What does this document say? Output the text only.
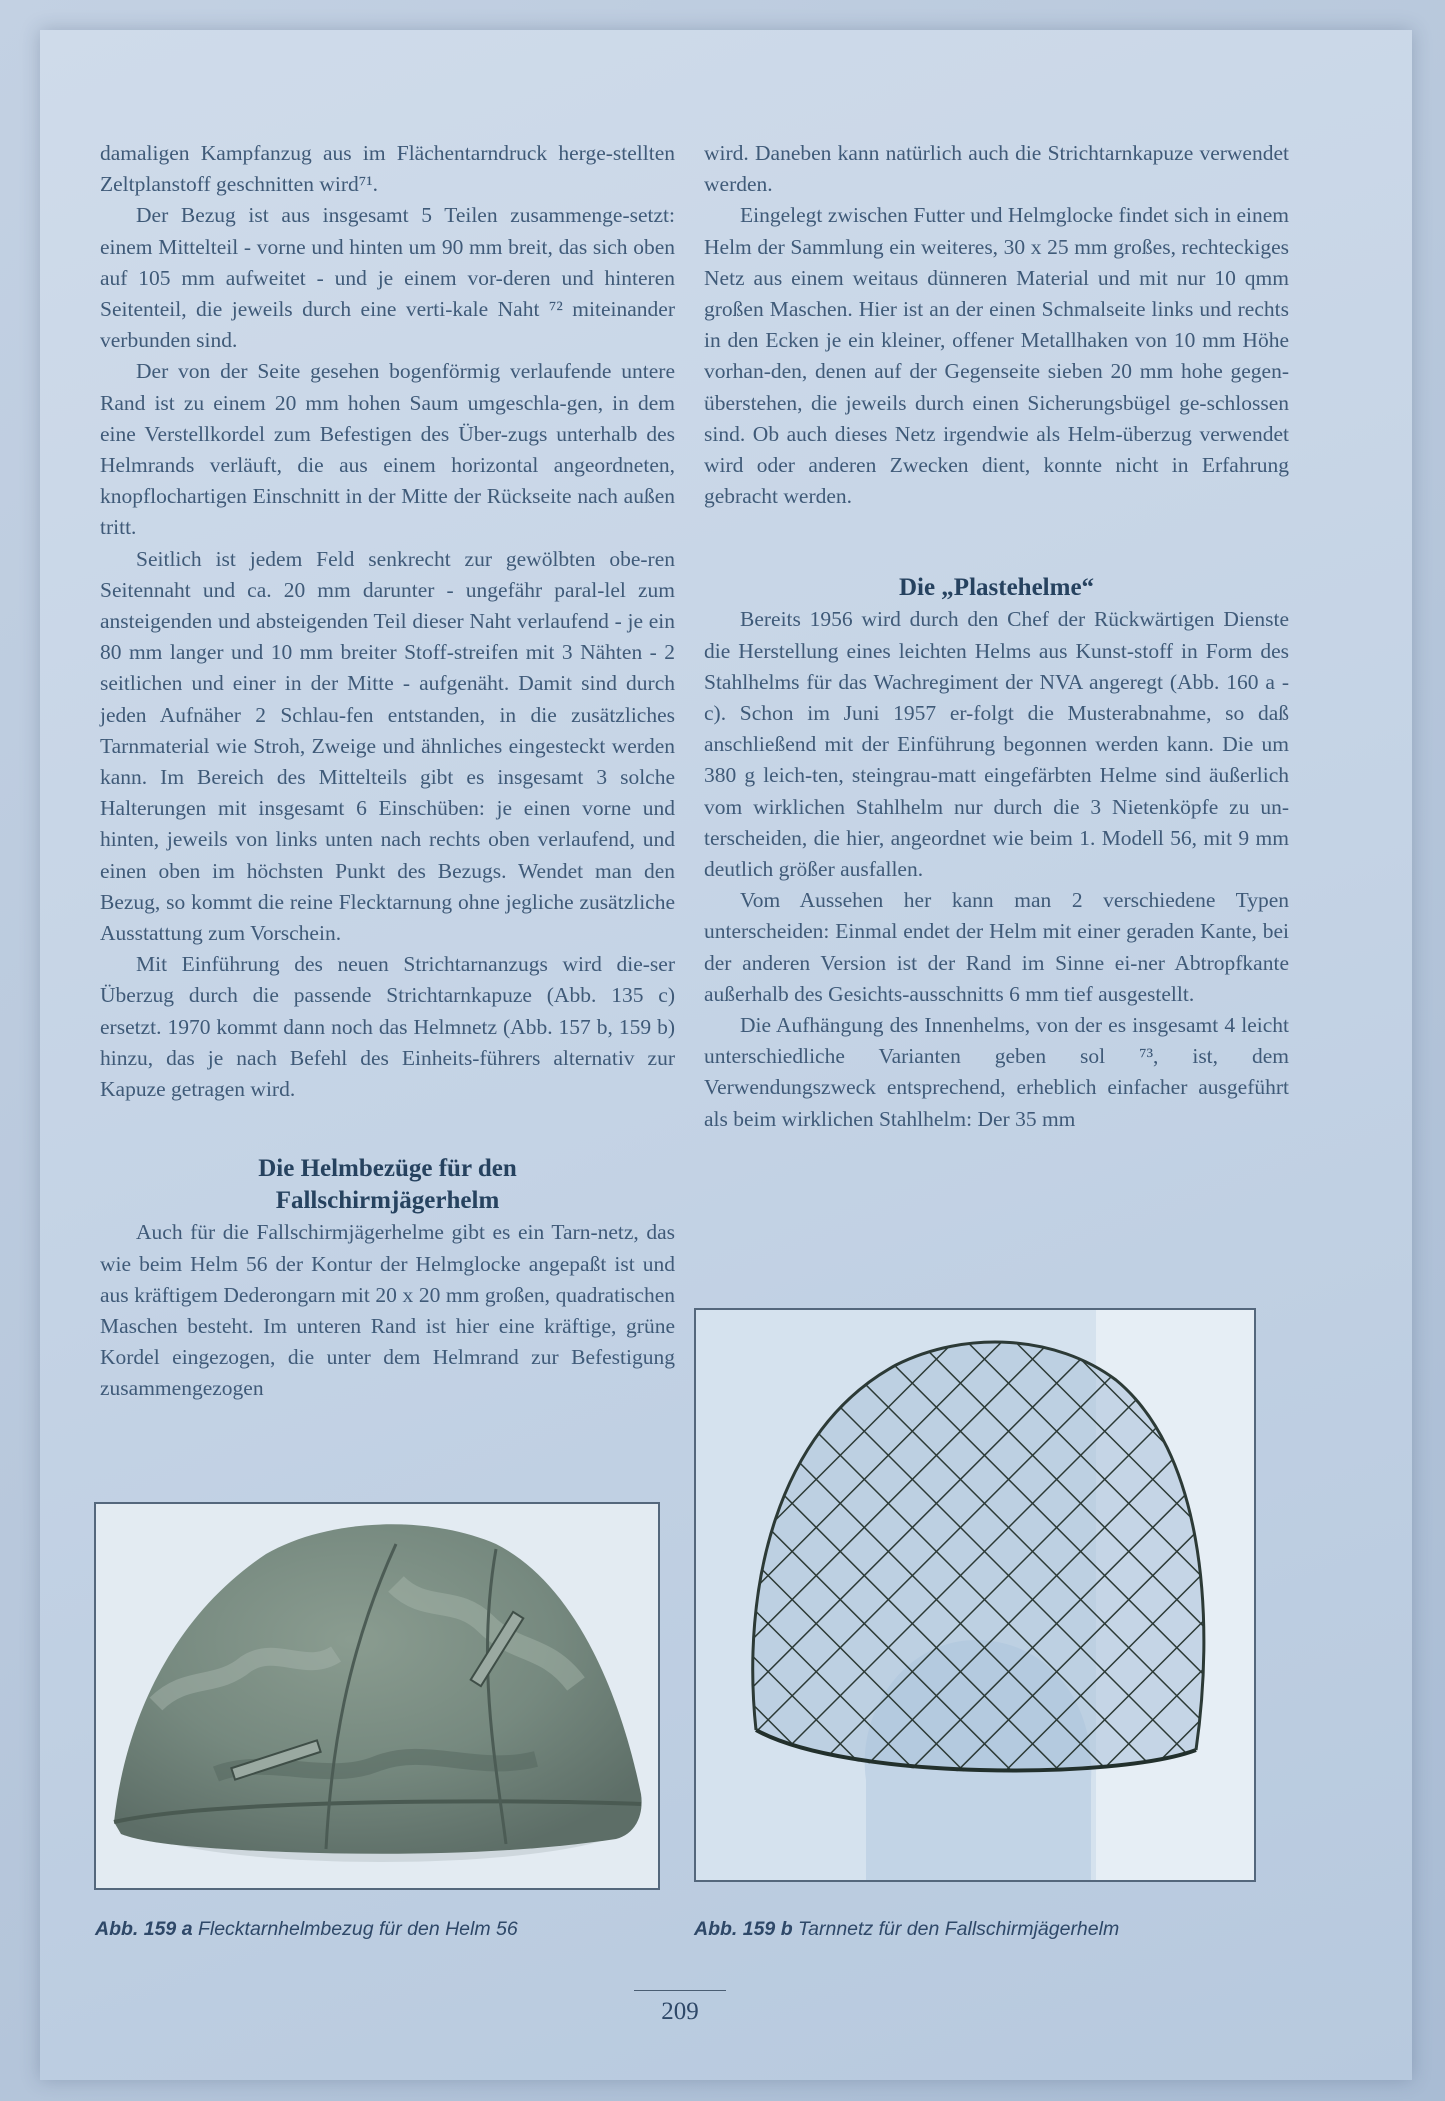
damaligen Kampfanzug aus im Flächentarndruck herge-stellten Zeltplanstoff geschnitten wird⁷¹.

Der Bezug ist aus insgesamt 5 Teilen zusammenge-setzt: einem Mittelteil - vorne und hinten um 90 mm breit, das sich oben auf 105 mm aufweitet - und je einem vor-deren und hinteren Seitenteil, die jeweils durch eine verti-kale Naht ⁷² miteinander verbunden sind.

Der von der Seite gesehen bogenförmig verlaufende untere Rand ist zu einem 20 mm hohen Saum umgeschla-gen, in dem eine Verstellkordel zum Befestigen des Über-zugs unterhalb des Helmrands verläuft, die aus einem horizontal angeordneten, knopflochartigen Einschnitt in der Mitte der Rückseite nach außen tritt.

Seitlich ist jedem Feld senkrecht zur gewölbten obe-ren Seitennaht und ca. 20 mm darunter - ungefähr paral-lel zum ansteigenden und absteigenden Teil dieser Naht verlaufend - je ein 80 mm langer und 10 mm breiter Stoff-streifen mit 3 Nähten - 2 seitlichen und einer in der Mitte - aufgenäht. Damit sind durch jeden Aufnäher 2 Schlau-fen entstanden, in die zusätzliches Tarnmaterial wie Stroh, Zweige und ähnliches eingesteckt werden kann. Im Bereich des Mittelteils gibt es insgesamt 3 solche Halterungen mit insgesamt 6 Einschüben: je einen vorne und hinten, jeweils von links unten nach rechts oben verlaufend, und einen oben im höchsten Punkt des Bezugs. Wendet man den Bezug, so kommt die reine Flecktarnung ohne jegliche zusätzliche Ausstattung zum Vorschein.

Mit Einführung des neuen Strichtarnanzugs wird die-ser Überzug durch die passende Strichtarnkapuze (Abb. 135 c) ersetzt. 1970 kommt dann noch das Helmnetz (Abb. 157 b, 159 b) hinzu, das je nach Befehl des Einheits-führers alternativ zur Kapuze getragen wird.

Die Helmbezüge für den
Fallschirmjägerhelm

Auch für die Fallschirmjägerhelme gibt es ein Tarn-netz, das wie beim Helm 56 der Kontur der Helmglocke angepaßt ist und aus kräftigem Dederongarn mit 20 x 20 mm großen, quadratischen Maschen besteht. Im unteren Rand ist hier eine kräftige, grüne Kordel eingezogen, die unter dem Helmrand zur Befestigung zusammengezogen

wird. Daneben kann natürlich auch die Strichtarnkapuze verwendet werden.

Eingelegt zwischen Futter und Helmglocke findet sich in einem Helm der Sammlung ein weiteres, 30 x 25 mm großes, rechteckiges Netz aus einem weitaus dünneren Material und mit nur 10 qmm großen Maschen. Hier ist an der einen Schmalseite links und rechts in den Ecken je ein kleiner, offener Metallhaken von 10 mm Höhe vorhan-den, denen auf der Gegenseite sieben 20 mm hohe gegen-überstehen, die jeweils durch einen Sicherungsbügel ge-schlossen sind. Ob auch dieses Netz irgendwie als Helm-überzug verwendet wird oder anderen Zwecken dient, konnte nicht in Erfahrung gebracht werden.

Die „Plastehelme“

Bereits 1956 wird durch den Chef der Rückwärtigen Dienste die Herstellung eines leichten Helms aus Kunst-stoff in Form des Stahlhelms für das Wachregiment der NVA angeregt (Abb. 160 a - c). Schon im Juni 1957 er-folgt die Musterabnahme, so daß anschließend mit der Einführung begonnen werden kann. Die um 380 g leich-ten, steingrau-matt eingefärbten Helme sind äußerlich vom wirklichen Stahlhelm nur durch die 3 Nietenköpfe zu un-terscheiden, die hier, angeordnet wie beim 1. Modell 56, mit 9 mm deutlich größer ausfallen.

Vom Aussehen her kann man 2 verschiedene Typen unterscheiden: Einmal endet der Helm mit einer geraden Kante, bei der anderen Version ist der Rand im Sinne ei-ner Abtropfkante außerhalb des Gesichts-ausschnitts 6 mm tief ausgestellt.

Die Aufhängung des Innenhelms, von der es insgesamt 4 leicht unterschiedliche Varianten geben sol ⁷³, ist, dem Verwendungszweck entsprechend, erheblich einfacher ausgeführt als beim wirklichen Stahlhelm: Der 35 mm

Abb. 159 a Flecktarnhelmbezug für den Helm 56	Abb. 159 b Tarnnetz für den Fallschirmjägerhelm
209
